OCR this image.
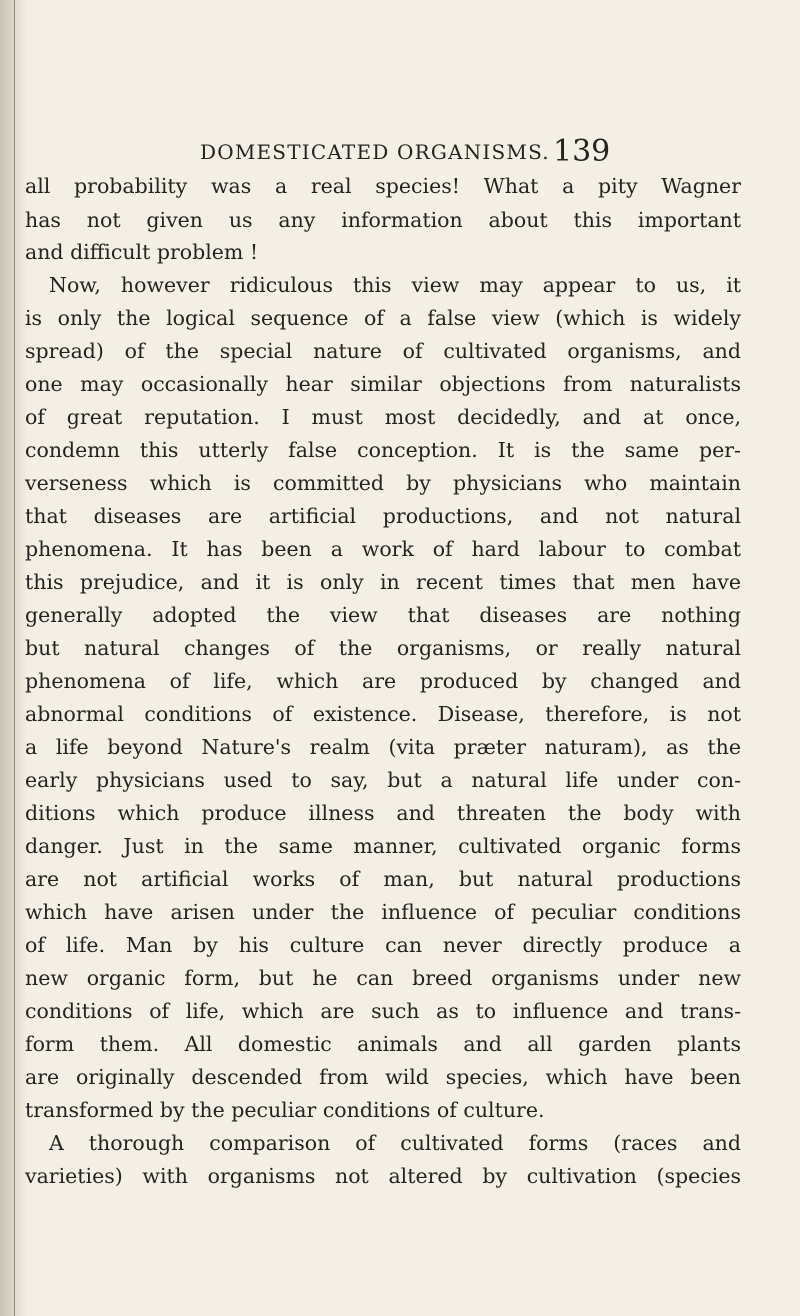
DOMESTICATED ORGANISMS. 139
all probability was a real species! What a pity Wagner
has not given us any information about this important
and difficult problem !
Now, however ridiculous this view may appear to us, it
is only the logical sequence of a false view (which is widely
spread) of the special nature of cultivated organisms, and
one may occasionally hear similar objections from naturalists
of great reputation. I must most decidedly, and at once,
condemn this utterly false conception. It is the same per-
verseness which is committed by physicians who maintain
that diseases are artificial productions, and not natural
phenomena. It has been a work of hard labour to combat
this prejudice, and it is only in recent times that men have
generally adopted the view that diseases are nothing
but natural changes of the organisms, or really natural
phenomena of life, which are produced by changed and
abnormal conditions of existence. Disease, therefore, is not
a life beyond Nature's realm (vita præter naturam), as the
early physicians used to say, but a natural life under con-
ditions which produce illness and threaten the body with
danger. Just in the same manner, cultivated organic forms
are not artificial works of man, but natural productions
which have arisen under the influence of peculiar conditions
of life. Man by his culture can never directly produce a
new organic form, but he can breed organisms under new
conditions of life, which are such as to influence and trans-
form them. All domestic animals and all garden plants
are originally descended from wild species, which have been
transformed by the peculiar conditions of culture.
A thorough comparison of cultivated forms (races and
varieties) with organisms not altered by cultivation (species
